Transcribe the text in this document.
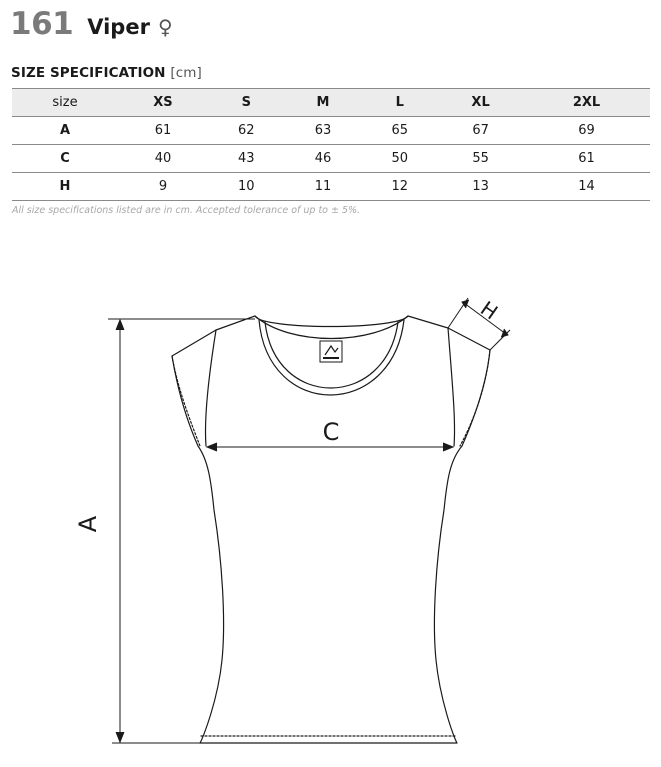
161 Viper ♀
SIZE SPECIFICATION [cm]
size	XS	S	M	L	XL	2XL
A	61	62	63	65	67	69
C	40	43	46	50	55	61
H	9	10	11	12	13	14
All size specifications listed are in cm. Accepted tolerance of up to ± 5%.
A
C
H
